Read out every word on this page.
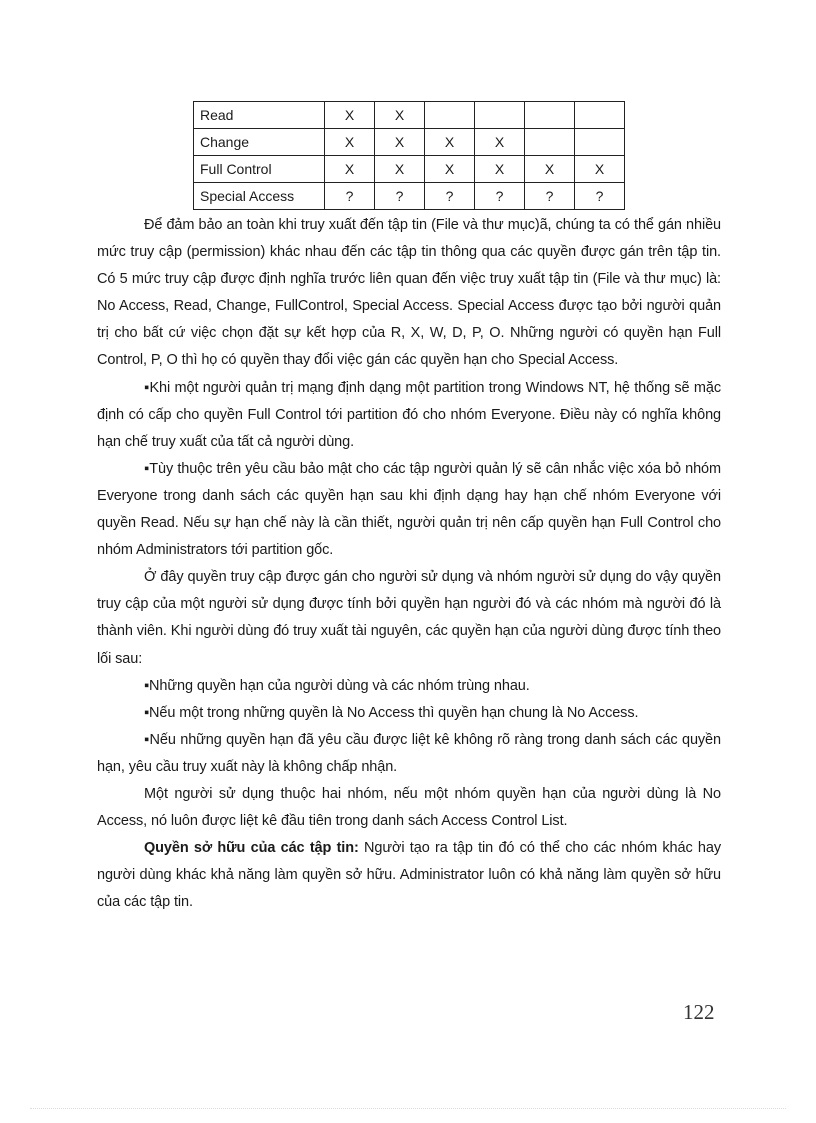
Read	X	X				
Change	X	X	X	X		
Full Control	X	X	X	X	X	X
Special Access	?	?	?	?	?	?

Để đảm bảo an toàn khi truy xuất đến tập tin (File và thư mục)ã, chúng ta có thể gán nhiều mức truy cập (permission) khác nhau đến các tập tin thông qua các quyền được gán trên tập tin. Có 5 mức truy cập được định nghĩa trước liên quan đến việc truy xuất tập tin (File và thư mục) là: No Access, Read, Change, FullControl, Special Access. Special Access được tạo bởi người quản trị cho bất cứ việc chọn đặt sự kết hợp của R, X, W, D, P, O. Những người có quyền hạn Full Control, P, O thì họ có quyền thay đổi việc gán các quyền hạn cho Special Access.

▪Khi một người quản trị mạng định dạng một partition trong Windows NT, hệ thống sẽ mặc định có cấp cho quyền Full Control tới partition đó cho nhóm Everyone. Điều này có nghĩa không hạn chế truy xuất của tất cả người dùng.

▪Tùy thuộc trên yêu cầu bảo mật cho các tập người quản lý sẽ cân nhắc việc xóa bỏ nhóm Everyone trong danh sách các quyền hạn sau khi định dạng hay hạn chế nhóm Everyone với quyền Read. Nếu sự hạn chế này là cần thiết, người quản trị nên cấp quyền hạn Full Control cho nhóm Administrators tới partition gốc.

Ở đây quyền truy cập được gán cho người sử dụng và nhóm người sử dụng do vậy quyền truy cập của một người sử dụng được tính bởi quyền hạn người đó và các nhóm mà người đó là thành viên. Khi người dùng đó truy xuất tài nguyên, các quyền hạn của người dùng được tính theo lối sau:

▪Những quyền hạn của người dùng và các nhóm trùng nhau.

▪Nếu một trong những quyền là No Access thì quyền hạn chung là No Access.

▪Nếu những quyền hạn đã yêu cầu được liệt kê không rõ ràng trong danh sách các quyền hạn, yêu cầu truy xuất này là không chấp nhận.

Một người sử dụng thuộc hai nhóm, nếu một nhóm quyền hạn của người dùng là No Access, nó luôn được liệt kê đầu tiên trong danh sách Access Control List.

Quyền sở hữu của các tập tin: Người tạo ra tập tin đó có thể cho các nhóm khác hay người dùng khác khả năng làm quyền sở hữu. Administrator luôn có khả năng làm quyền sở hữu của các tập tin.

122
